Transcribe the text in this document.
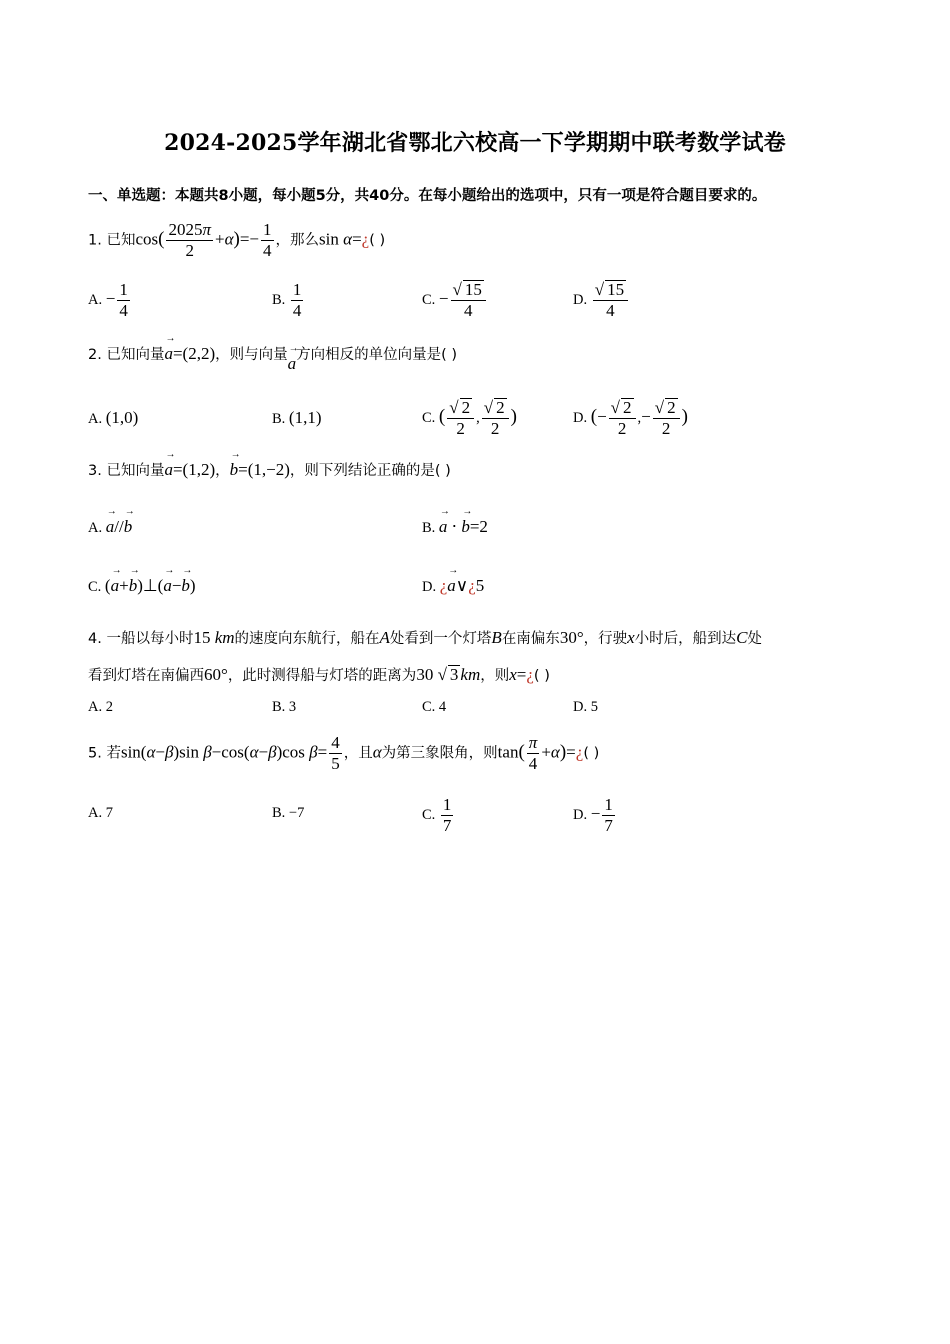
2024-2025学年湖北省鄂北六校高一下学期期中联考数学试卷
一、单选题：本题共8小题，每小题5分，共40分。在每小题给出的选项中，只有一项是符合题目要求的。
1. 已知$\cos( \frac{2025\pi}{2} +\alpha)=- \frac{1}{4}$ ，那么sin α=¿( )
A. − $\frac{1}{4}$	B. $\frac{1}{4}$	C. − $\frac{√ 15}{4}$	D. $\frac{√ 15}{4}$
2. 已知向量→ a=(2,2)，则与向量→ a方向相反的单位向量是( )
A. (1,0)	B. (1,1)	C. ( $\frac{√ 2}{2}$ , $\frac{√ 2}{2}$ )	D. (− $\frac{√ 2}{2}$ ,− $\frac{√ 2}{2}$ )
3. 已知向量→ a=(1,2)，→ b=(1,−2)，则下列结论正确的是( )
A. → a//→ b	B. → a ⋅ → b=2
C. (→ a+→ b)⊥(→ a−→ b)	D. ¿→ a∨¿5
4. 一船以每小时15 km的速度向东航行，船在A处看到一个灯塔B在南偏东30°，行驶x小时后，船到达C处
看到灯塔在南偏西60°，此时测得船与灯塔的距离为30 √ 3 km，则x=¿( )
A. 2	B. 3	C. 4	D. 5
5. 若sin(α−β)sin β−cos(α−β)cos $\beta= \frac{4}{5}$ ，且α为第三象限角，则$\tan( \frac{\pi}{4}$ +α)=¿( )
A. 7	B. −7	C. $\frac{1}{7}$	D. − $\frac{1}{7}$
